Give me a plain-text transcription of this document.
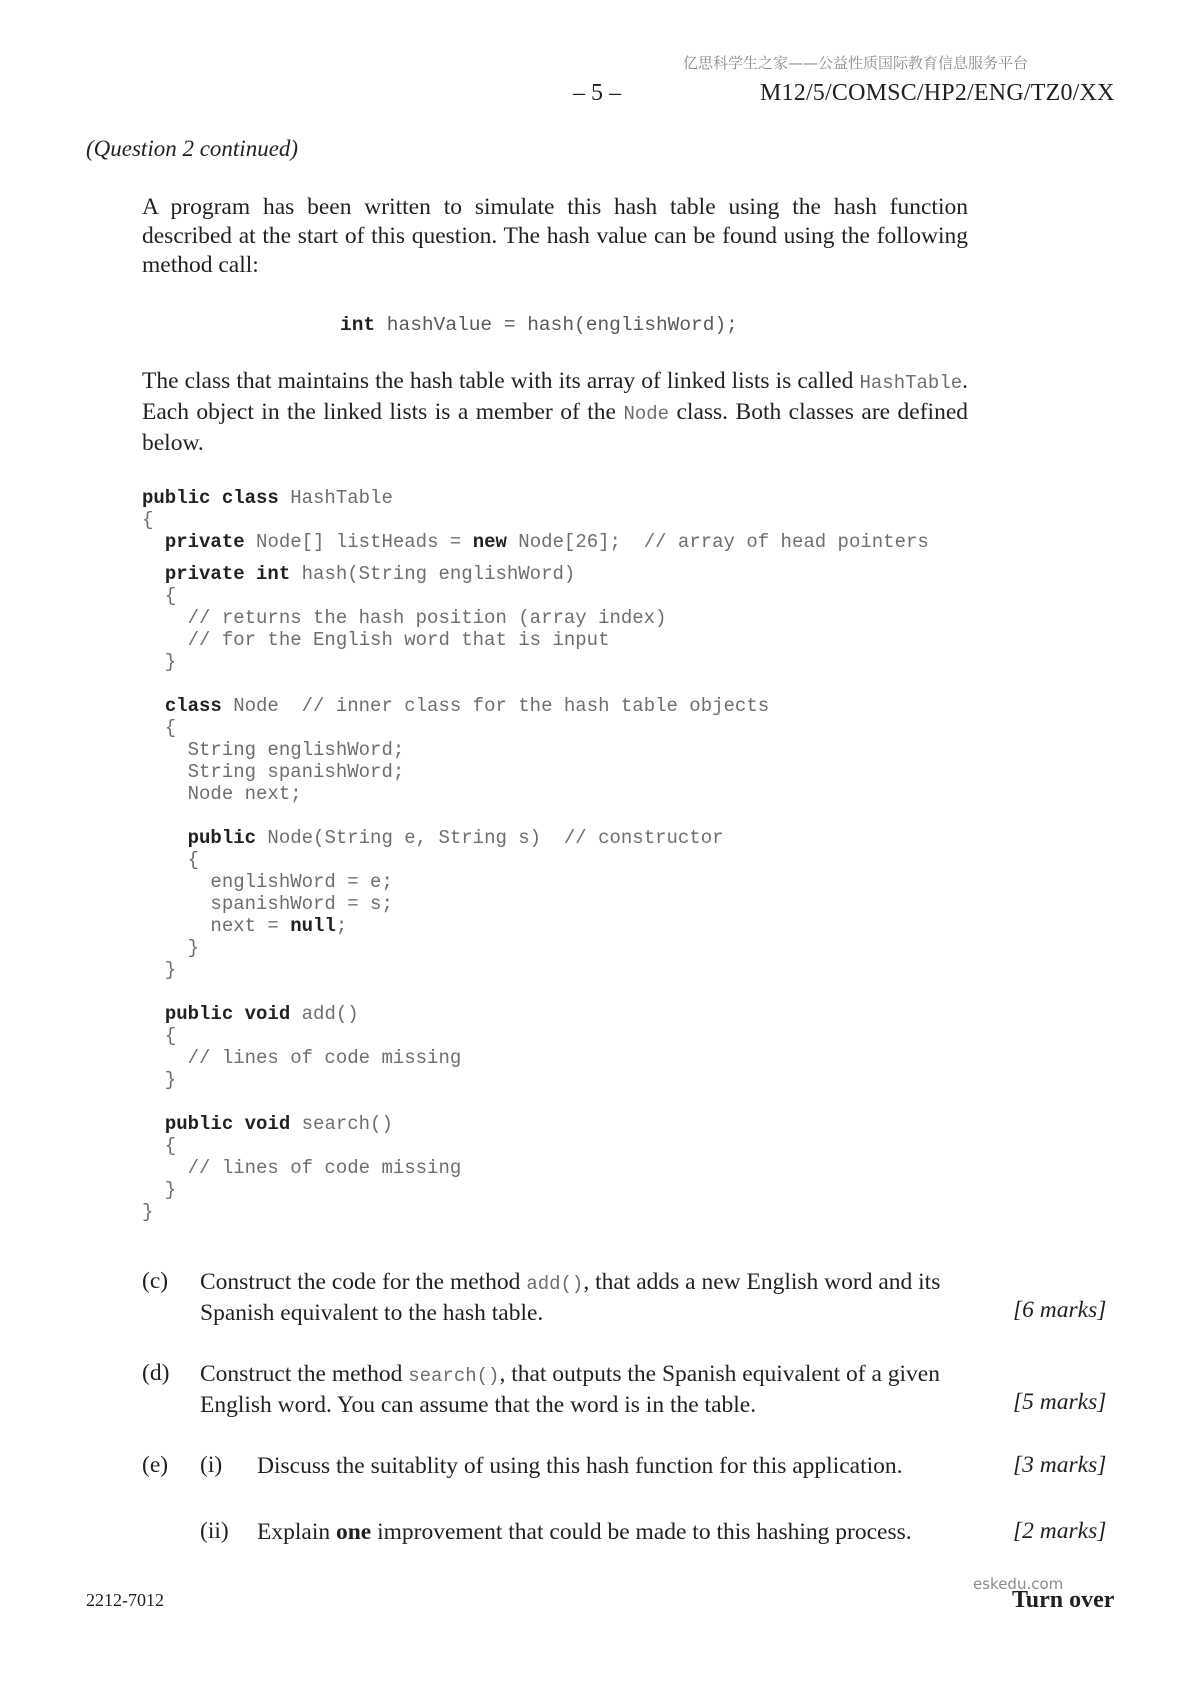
亿思科学生之家——公益性质国际教育信息服务平台
– 5 –	M12/5/COMSC/HP2/ENG/TZ0/XX
(Question 2 continued)
A program has been written to simulate this hash table using the hash function described at the start of this question. The hash value can be found using the following method call:
int hashValue = hash(englishWord);
The class that maintains the hash table with its array of linked lists is called HashTable. Each object in the linked lists is a member of the Node class. Both classes are defined below.
public class HashTable
{
private Node[] listHeads = new Node[26];  // array of head pointers
private int hash(String englishWord)
{
// returns the hash position (array index)
// for the English word that is input
}
class Node  // inner class for the hash table objects
{
String englishWord;
String spanishWord;
Node next;
public Node(String e, String s)  // constructor
{
englishWord = e;
spanishWord = s;
next = null;
}
}
public void add()
{
// lines of code missing
}
public void search()
{
// lines of code missing
}
}
(c) Construct the code for the method add(), that adds a new English word and its Spanish equivalent to the hash table.	[6 marks]
(d) Construct the method search(), that outputs the Spanish equivalent of a given English word. You can assume that the word is in the table.	[5 marks]
(e) (i) Discuss the suitablity of using this hash function for this application.	[3 marks]
(ii) Explain one improvement that could be made to this hashing process.	[2 marks]
2212-7012
eskedu.com
Turn over
